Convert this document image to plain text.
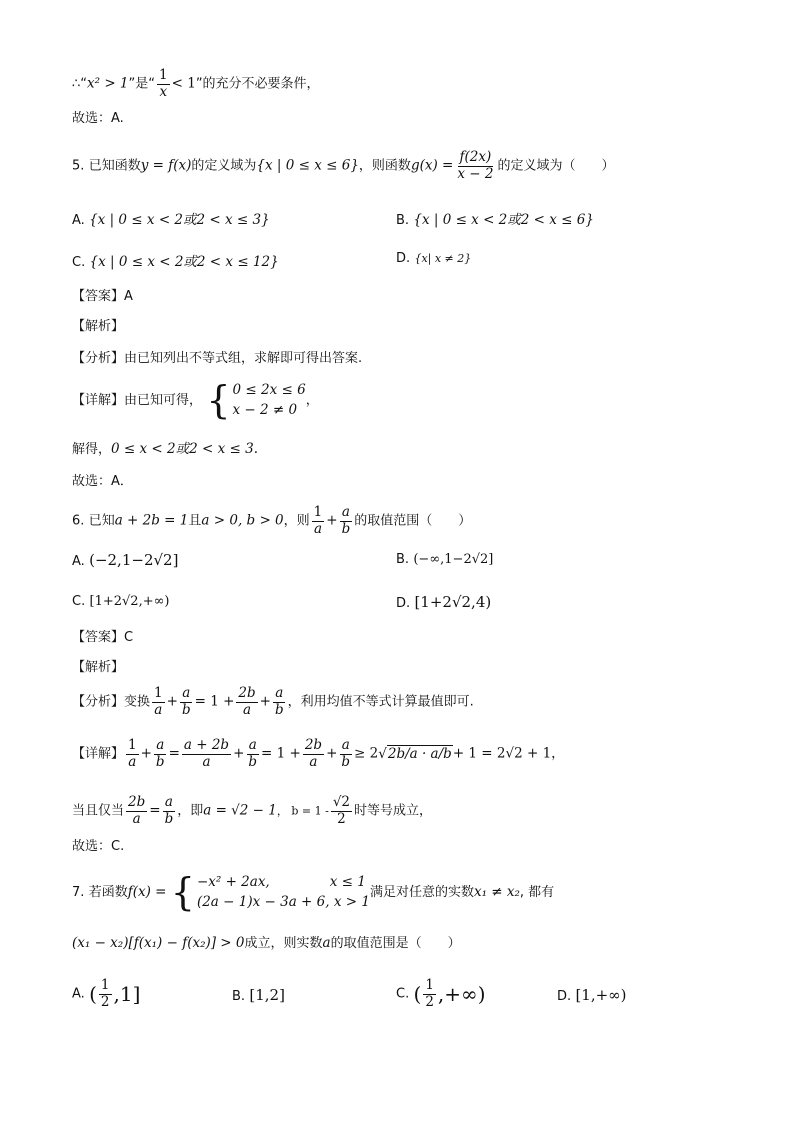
∴“x² > 1”是“ $\frac{1}{x} < 1$”的充分不必要条件，
故选：A.
5. 已知函数y = f(x)的定义域为{x | 0 ≤ x ≤ 6}，则函数$g(x) = \frac{f(2x)}{x - 2}$ 的定义域为（　　）
A. {x | 0 ≤ x < 2或2 < x ≤ 3}	B. {x | 0 ≤ x < 2或2 < x ≤ 6}
C. {x | 0 ≤ x < 2或2 < x ≤ 12}	D. {x| x ≠ 2}
【答案】A
【解析】
【分析】由已知列出不等式组，求解即可得出答案.
【详解】由已知可得， { 0 ≤ 2x ≤ 6
x − 2 ≠ 0
，
解得，0 ≤ x < 2或2 < x ≤ 3.
故选：A．
6. 已知a + 2b = 1且a > 0, b > 0，则 $\frac{1}{a} + \frac{a}{b}$ 的取值范围（　　）
A. (−2,1−2√2]	B. (−∞,1−2√2]
C. [1+2√2,+∞)	D. [1+2√2,4)
【答案】C
【解析】
【分析】变换 $\frac{1}{a} + \frac{a}{b} = 1 + \frac{2b}{a} + \frac{a}{b}$ ，利用均值不等式计算最值即可.
【详解】 $\frac{1}{a} + \frac{a}{b} = \frac{a + 2b}{a} + \frac{a}{b} = 1 + \frac{2b}{a} + \frac{a}{b} \ge 2√2b/a \cdot a/b+ 1 = 2√2 + 1$，
当且仅当 $\frac{2b}{a} = \frac{a}{b}$ ，即a = √2 − 1， $b = 1 - \frac{√2}{2}$ 时等号成立，
故选：C.
7. 若函数f(x) = { −x² + 2ax,	x ≤ 1
(2a − 1)x − 3a + 6, x > 1
满足对任意的实数x₁ ≠ x₂, 都有
(x₁ − x₂)[f(x₁) − f(x₂)] > 0成立，则实数a的取值范围是（　　）
A. ( $\frac{1}{2} ,1$]	B. [1,2]	C. ( $\frac{1}{2}$ ,+∞)	D. [1,+∞)
